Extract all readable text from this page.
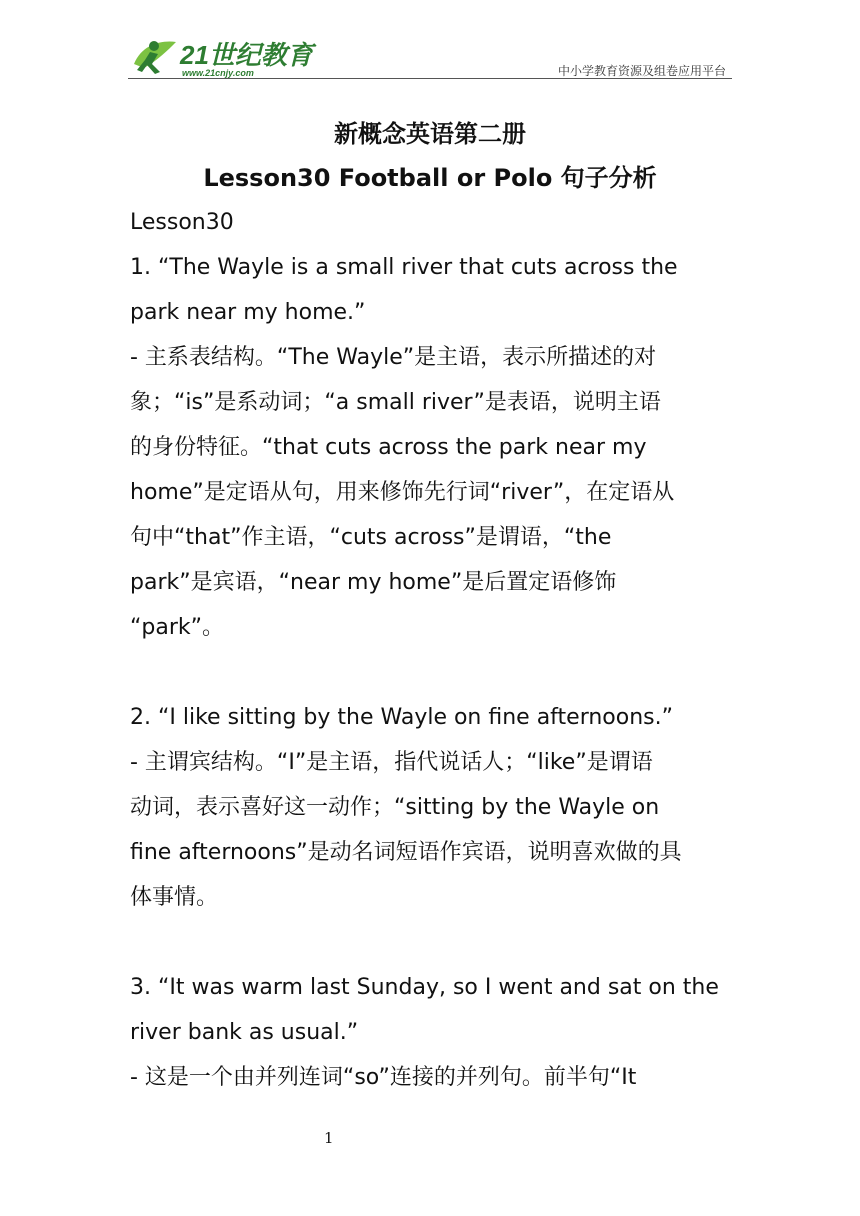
21世纪教育
www.21cnjy.com	中小学教育资源及组卷应用平台
新概念英语第二册
Lesson30 Football or Polo 句子分析
Lesson30
1. “The Wayle is a small river that cuts across the
park near my home.”
- 主系表结构。“The Wayle”是主语，表示所描述的对
象；“is”是系动词；“a small river”是表语，说明主语
的身份特征。“that cuts across the park near my
home”是定语从句，用来修饰先行词“river”，在定语从
句中“that”作主语，“cuts across”是谓语，“the
park”是宾语，“near my home”是后置定语修饰
“park”。
2. “I like sitting by the Wayle on fine afternoons.”
- 主谓宾结构。“I”是主语，指代说话人；“like”是谓语
动词，表示喜好这一动作；“sitting by the Wayle on
fine afternoons”是动名词短语作宾语，说明喜欢做的具
体事情。
3. “It was warm last Sunday, so I went and sat on the
river bank as usual.”
- 这是一个由并列连词“so”连接的并列句。前半句“It
1
